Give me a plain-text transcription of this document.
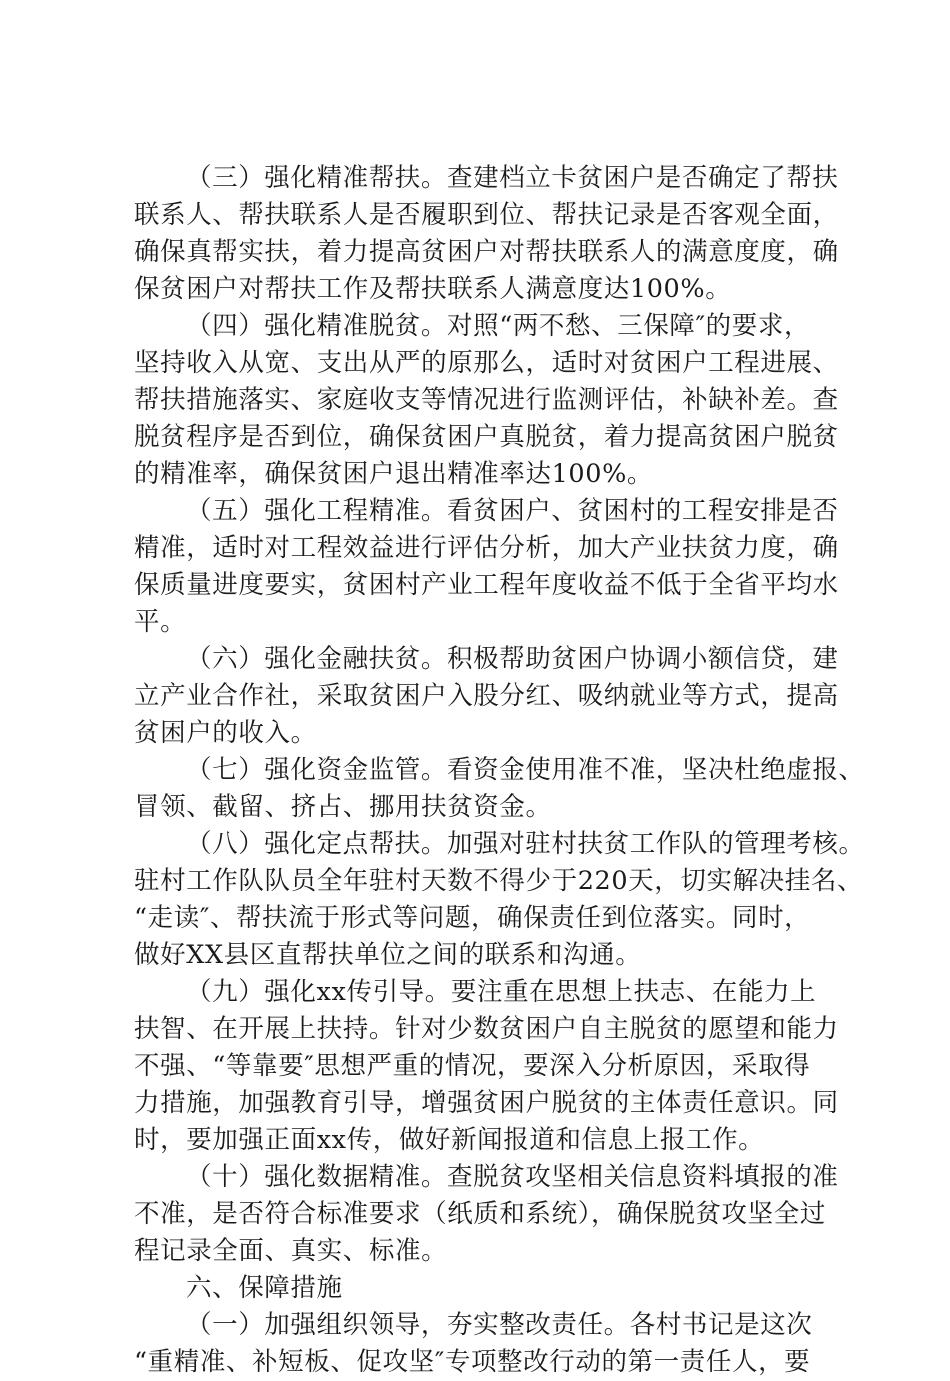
（三）强化精准帮扶。查建档立卡贫困户是否确定了帮扶
联系人、帮扶联系人是否履职到位、帮扶记录是否客观全面，
确保真帮实扶，着力提高贫困户对帮扶联系人的满意度度，确
保贫困户对帮扶工作及帮扶联系人满意度达100%。
（四）强化精准脱贫。对照“两不愁、三保障″的要求，
坚持收入从宽、支出从严的原那么，适时对贫困户工程进展、
帮扶措施落实、家庭收支等情况进行监测评估，补缺补差。查
脱贫程序是否到位，确保贫困户真脱贫，着力提高贫困户脱贫
的精准率，确保贫困户退出精准率达100%。
（五）强化工程精准。看贫困户、贫困村的工程安排是否
精准，适时对工程效益进行评估分析，加大产业扶贫力度，确
保质量进度要实，贫困村产业工程年度收益不低于全省平均水
平。
（六）强化金融扶贫。积极帮助贫困户协调小额信贷，建
立产业合作社，采取贫困户入股分红、吸纳就业等方式，提高
贫困户的收入。
（七）强化资金监管。看资金使用准不准，坚决杜绝虚报、
冒领、截留、挤占、挪用扶贫资金。
（八）强化定点帮扶。加强对驻村扶贫工作队的管理考核。
驻村工作队队员全年驻村天数不得少于220天，切实解决挂名、
“走读″、帮扶流于形式等问题，确保责任到位落实。同时，
做好XX县区直帮扶单位之间的联系和沟通。
（九）强化xx传引导。要注重在思想上扶志、在能力上
扶智、在开展上扶持。针对少数贫困户自主脱贫的愿望和能力
不强、“等靠要″思想严重的情况，要深入分析原因，采取得
力措施，加强教育引导，增强贫困户脱贫的主体责任意识。同
时，要加强正面xx传，做好新闻报道和信息上报工作。
（十）强化数据精准。查脱贫攻坚相关信息资料填报的准
不准，是否符合标准要求（纸质和系统），确保脱贫攻坚全过
程记录全面、真实、标准。
六、保障措施
（一）加强组织领导，夯实整改责任。各村书记是这次
“重精准、补短板、促攻坚″专项整改行动的第一责任人，要
